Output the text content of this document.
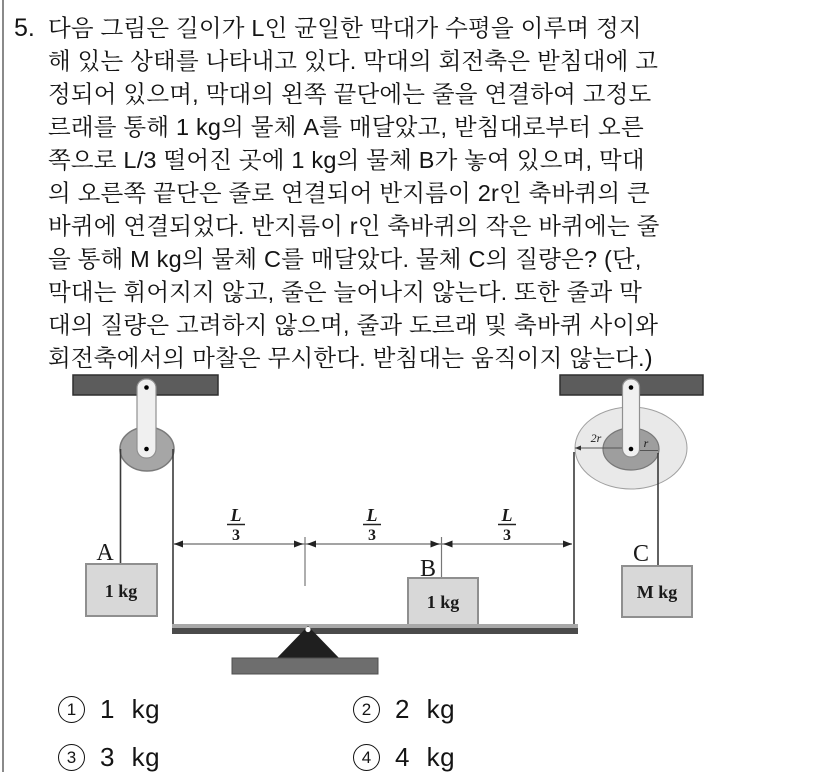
5. 다음 그림은 길이가 L인 균일한 막대가 수평을 이루며 정지
해 있는 상태를 나타내고 있다. 막대의 회전축은 받침대에 고
정되어 있으며, 막대의 왼쪽 끝단에는 줄을 연결하여 고정도
르래를 통해 1 kg의 물체 A를 매달았고, 받침대로부터 오른
쪽으로 L/3 떨어진 곳에 1 kg의 물체 B가 놓여 있으며, 막대
의 오른쪽 끝단은 줄로 연결되어 반지름이 2r인 축바퀴의 큰
바퀴에 연결되었다. 반지름이 r인 축바퀴의 작은 바퀴에는 줄
을 통해 M kg의 물체 C를 매달았다. 물체 C의 질량은? (단,
막대는 휘어지지 않고, 줄은 늘어나지 않는다. 또한 줄과 막
대의 질량은 고려하지 않으며, 줄과 도르래 및 축바퀴 사이와
회전축에서의 마찰은 무시한다. 받침대는 움직이지 않는다.)
2r	r
L
3
L
3
L
3
1 kg
B
1 kg
A
M kg
C
1 1 kg	2 2 kg
3 3 kg	4 4 kg
